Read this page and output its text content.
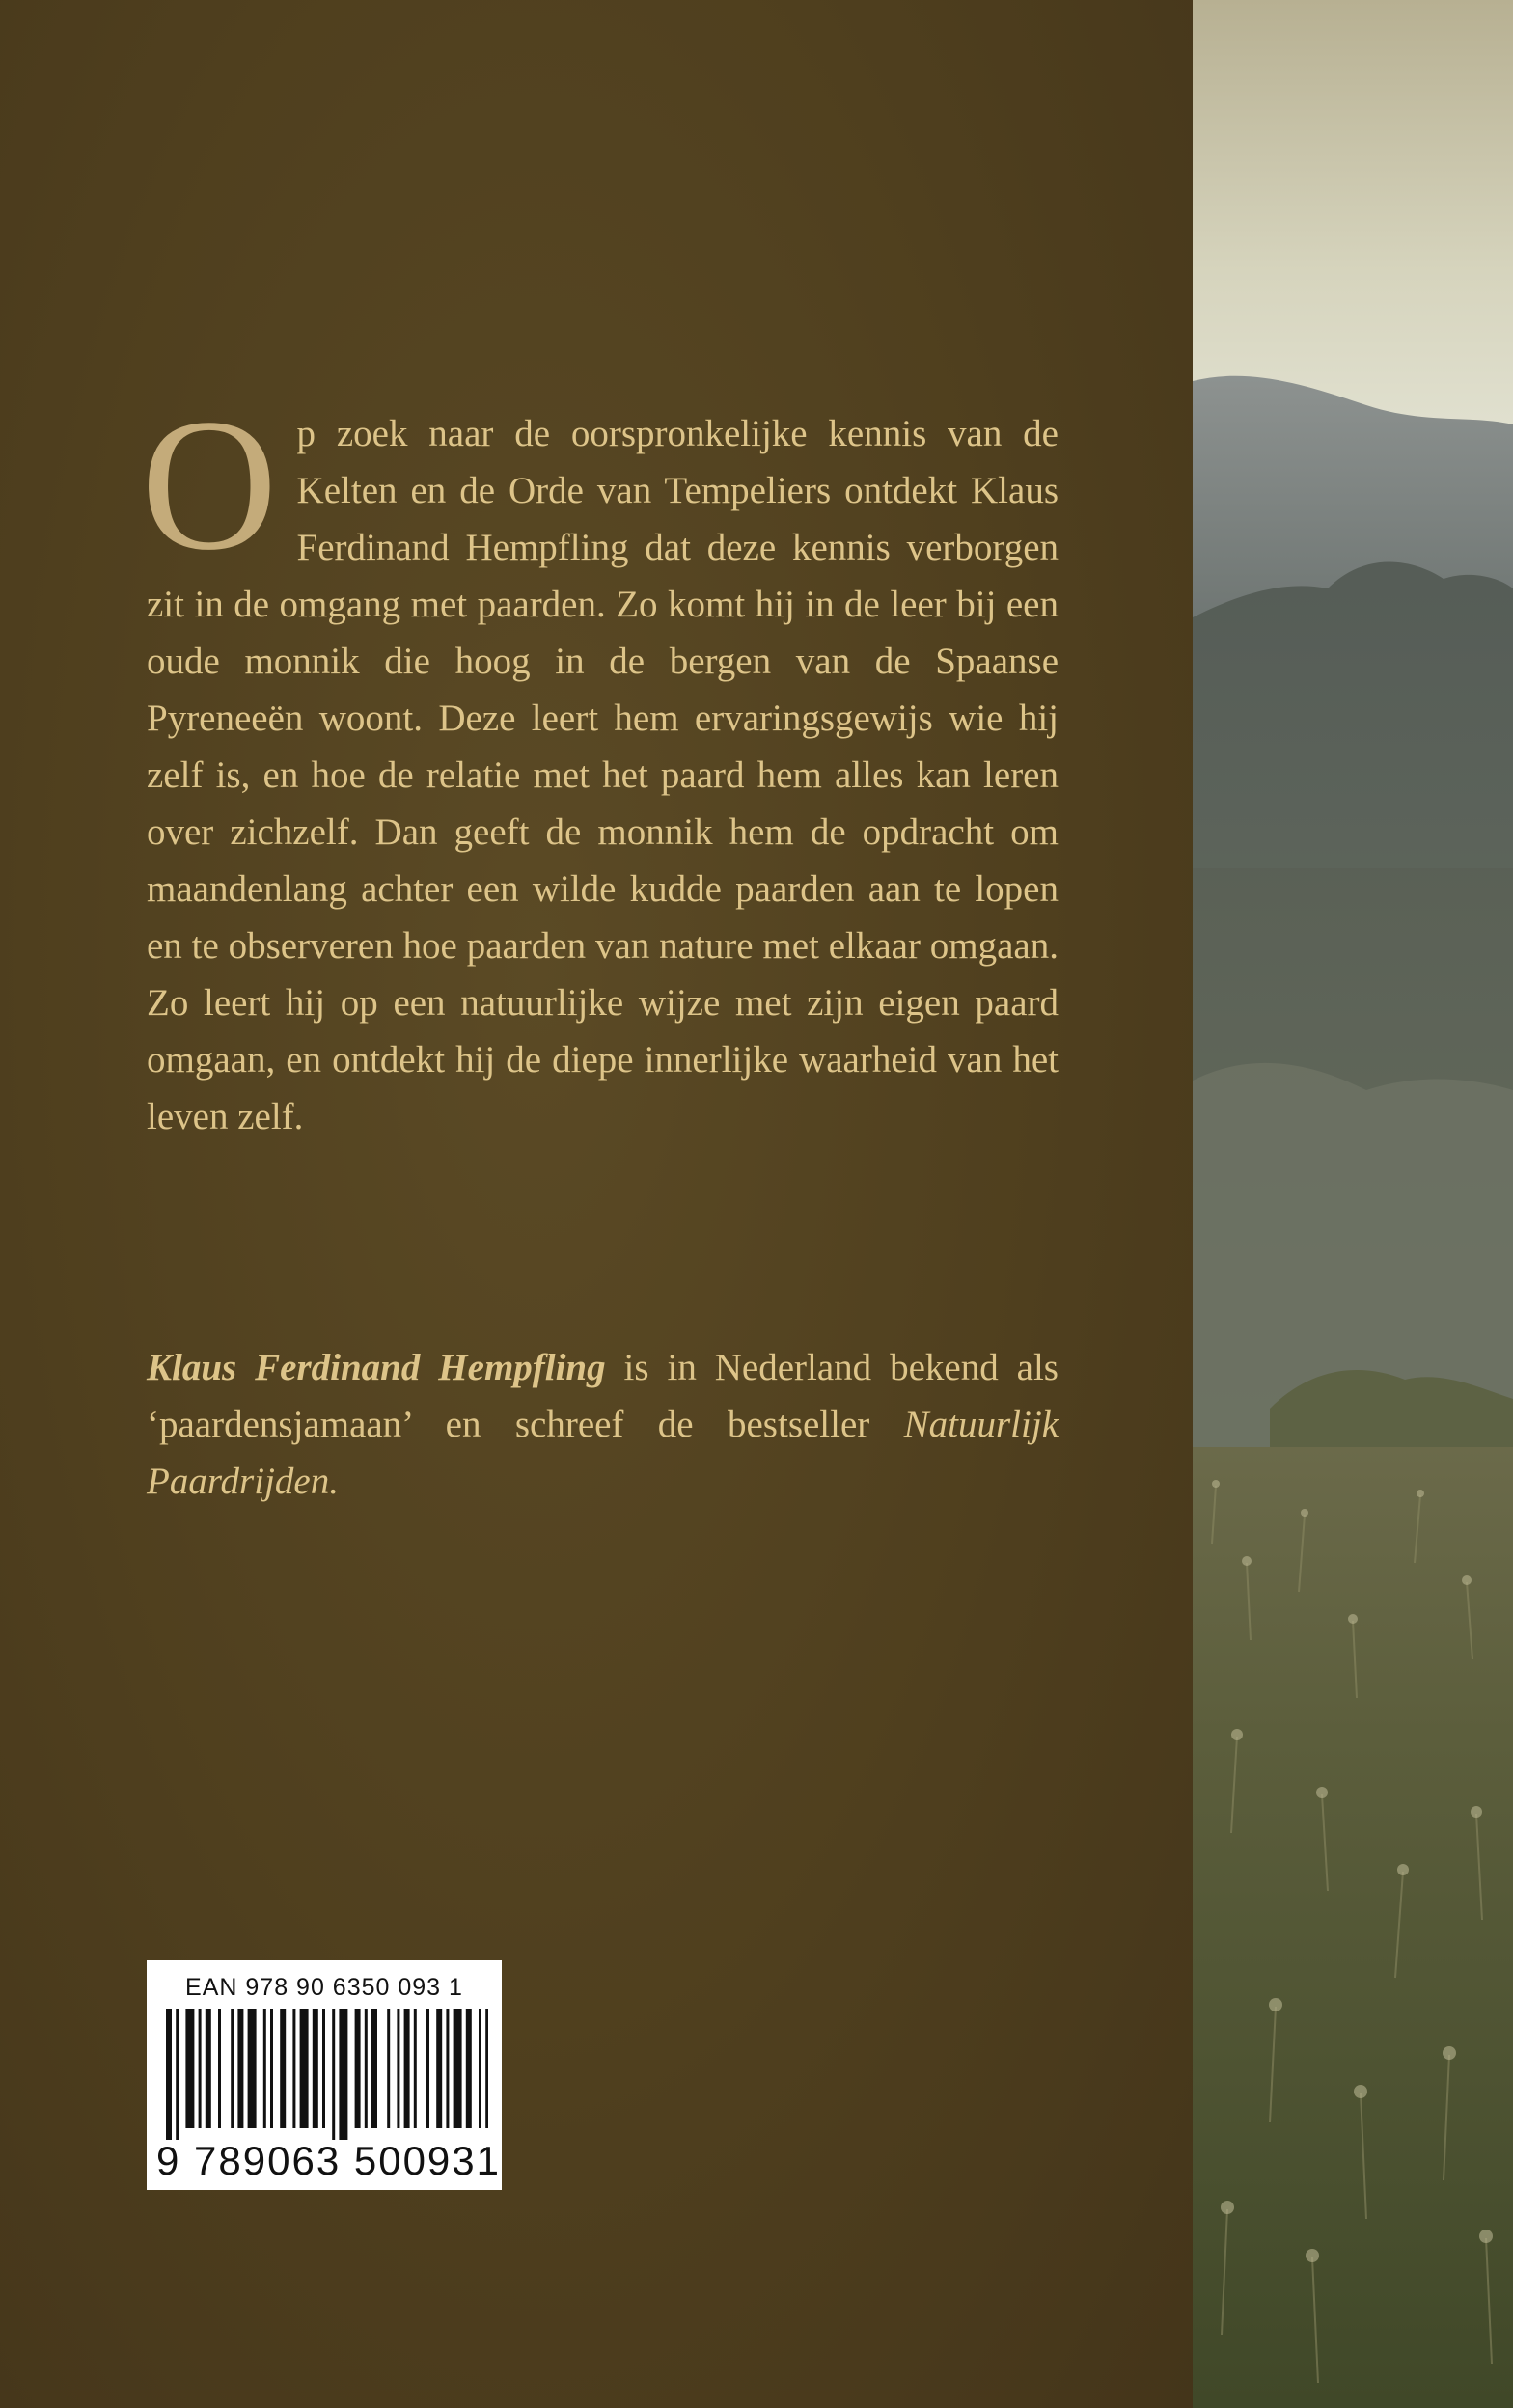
Op zoek naar de oorspronkelijke kennis van de Kelten en de Orde van Tempeliers ontdekt Klaus Ferdinand Hempfling dat deze kennis verborgen zit in de omgang met paarden. Zo komt hij in de leer bij een oude monnik die hoog in de bergen van de Spaanse Pyreneeën woont. Deze leert hem ervaringsgewijs wie hij zelf is, en hoe de relatie met het paard hem alles kan leren over zichzelf. Dan geeft de monnik hem de opdracht om maandenlang achter een wilde kudde paarden aan te lopen en te observeren hoe paarden van nature met elkaar omgaan. Zo leert hij op een natuurlijke wijze met zijn eigen paard omgaan, en ontdekt hij de diepe innerlijke waarheid van het leven zelf.

Klaus Ferdinand Hempfling is in Nederland bekend als ‘paardensjamaan’ en schreef de bestseller Natuurlijk Paardrijden.

EAN 978 90 6350 093 1
9 789063 500931
